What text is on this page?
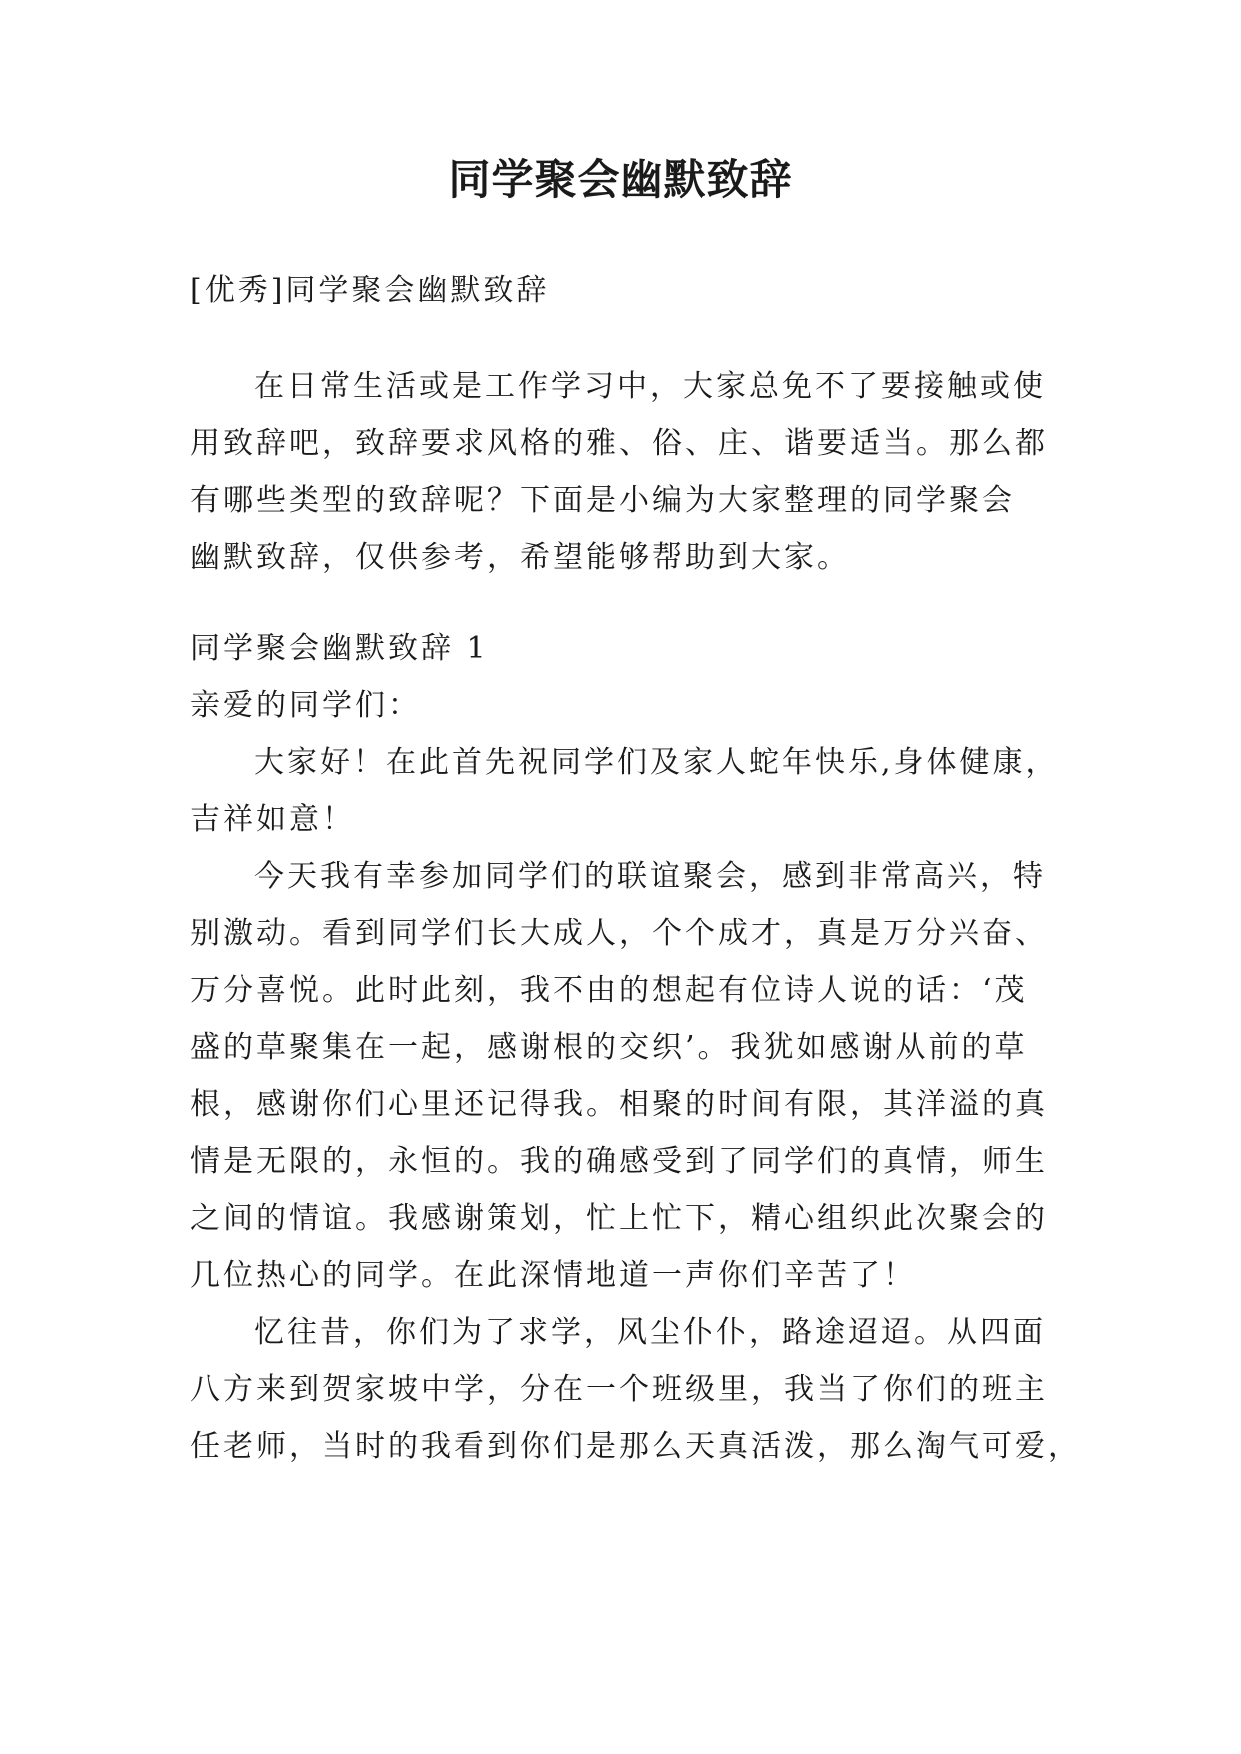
同学聚会幽默致辞

[优秀]同学聚会幽默致辞

在日常生活或是工作学习中，大家总免不了要接触或使
用致辞吧，致辞要求风格的雅、俗、庄、谐要适当。那么都
有哪些类型的致辞呢？下面是小编为大家整理的同学聚会
幽默致辞，仅供参考，希望能够帮助到大家。
同学聚会幽默致辞 1
亲爱的同学们：
大家好！在此首先祝同学们及家人蛇年快乐,身体健康，
吉祥如意！
今天我有幸参加同学们的联谊聚会，感到非常高兴，特
别激动。看到同学们长大成人，个个成才，真是万分兴奋、
万分喜悦。此时此刻，我不由的想起有位诗人说的话：‘茂
盛的草聚集在一起，感谢根的交织’。我犹如感谢从前的草
根，感谢你们心里还记得我。相聚的时间有限，其洋溢的真
情是无限的，永恒的。我的确感受到了同学们的真情，师生
之间的情谊。我感谢策划，忙上忙下，精心组织此次聚会的
几位热心的同学。在此深情地道一声你们辛苦了！
忆往昔，你们为了求学，风尘仆仆，路途迢迢。从四面
八方来到贺家坡中学，分在一个班级里，我当了你们的班主
任老师，当时的我看到你们是那么天真活泼，那么淘气可爱，
